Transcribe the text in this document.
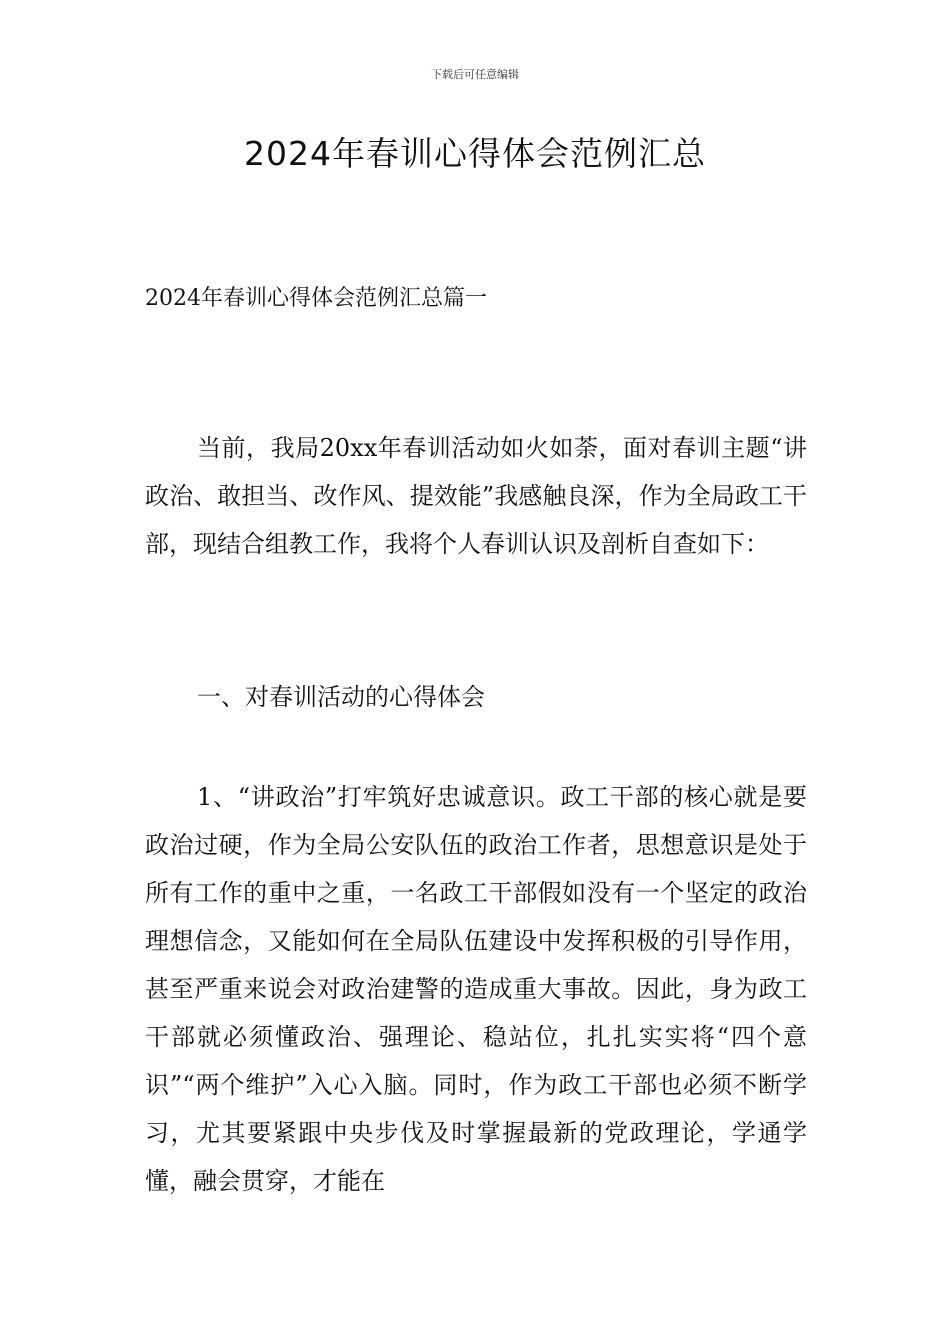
下载后可任意编辑
2024年春训心得体会范例汇总
2024年春训心得体会范例汇总篇一

当前，我局20xx年春训活动如火如荼，面对春训主题“讲政治、敢担当、改作风、提效能”我感触良深，作为全局政工干部，现结合组教工作，我将个人春训认识及剖析自查如下：

一、对春训活动的心得体会

1、“讲政治”打牢筑好忠诚意识。政工干部的核心就是要政治过硬，作为全局公安队伍的政治工作者，思想意识是处于所有工作的重中之重，一名政工干部假如没有一个坚定的政治理想信念，又能如何在全局队伍建设中发挥积极的引导作用，甚至严重来说会对政治建警的造成重大事故。因此，身为政工干部就必须懂政治、强理论、稳站位，扎扎实实将“四个意识”“两个维护”入心入脑。同时，作为政工干部也必须不断学习，尤其要紧跟中央步伐及时掌握最新的党政理论，学通学懂，融会贯穿，才能在
